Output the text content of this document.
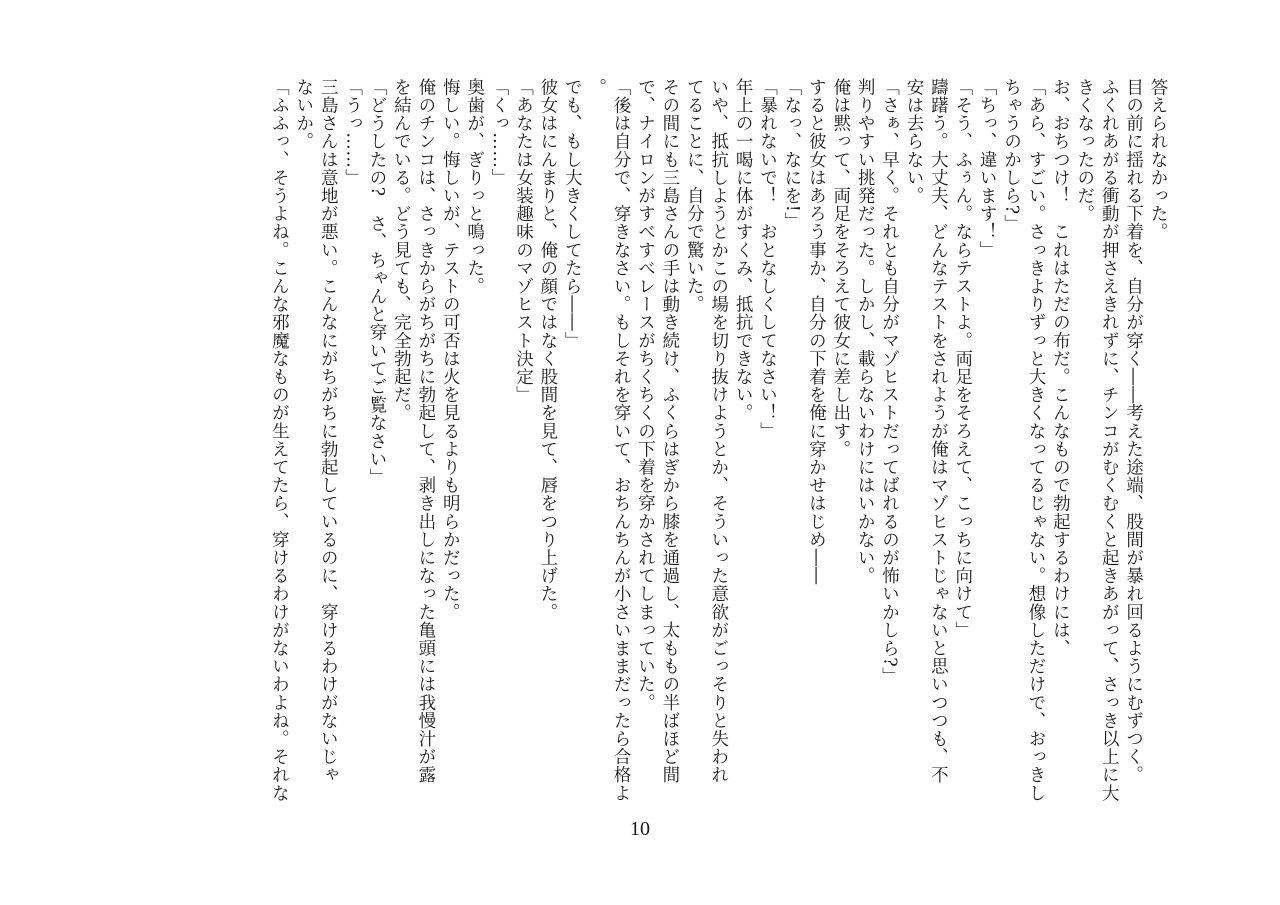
答えられなかった。
目の前に揺れる下着を、自分が穿く――考えた途端、股間が暴れ回るようにむずつく。
ふくれあがる衝動が押さえきれずに、チンコがむくむくと起きあがって、さっき以上に大
きくなったのだ。
お、おちつけ！　これはただの布だ。こんなもので勃起するわけには、
「あら、すごい。さっきよりずっと大きくなってるじゃない。想像しただけで、おっきし
ちゃうのかしら?」
「ちっ、違います！」
「そう、ふぅん。ならテストよ。両足をそろえて、こっちに向けて」
躊躇う。大丈夫、どんなテストをされようが俺はマゾヒストじゃないと思いつつも、不
安は去らない。
「さぁ、早く。それとも自分がマゾヒストだってばれるのが怖いかしら?」
判りやすい挑発だった。しかし、載らないわけにはいかない。
俺は黙って、両足をそろえて彼女に差し出す。
すると彼女はあろう事か、自分の下着を俺に穿かせはじめ――
「なっ、なにを!」
「暴れないで！　おとなしくしてなさい！」
年上の一喝に体がすくみ、抵抗できない。
いや、抵抗しようとかこの場を切り抜けようとか、そういった意欲がごっそりと失われ
てることに、自分で驚いた。
その間にも三島さんの手は動き続け、ふくらはぎから膝を通過し、太ももの半ばほど間
で、ナイロンがすべすべレースがちくちくの下着を穿かされてしまっていた。
「後は自分で、穿きなさい。もしそれを穿いて、おちんちんが小さいままだったら合格よ。
でも、もし大きくしてたら――」
彼女はにんまりと、俺の顔ではなく股間を見て、唇をつり上げた。
「あなたは女装趣味のマゾヒスト決定」
「くっ……」
奥歯が、ぎりっと鳴った。
悔しい。悔しいが、テストの可否は火を見るよりも明らかだった。
俺のチンコは、さっきからがちがちに勃起して、剥き出しになった亀頭には我慢汁が露
を結んでいる。どう見ても、完全勃起だ。
「どうしたの?　さ、ちゃんと穿いてご覧なさい」
「うっ……」
三島さんは意地が悪い。こんなにがちがちに勃起しているのに、穿けるわけがないじゃ
ないか。
「ふふっ、そうよね。こんな邪魔なものが生えてたら、穿けるわけがないわよね。それな
10
